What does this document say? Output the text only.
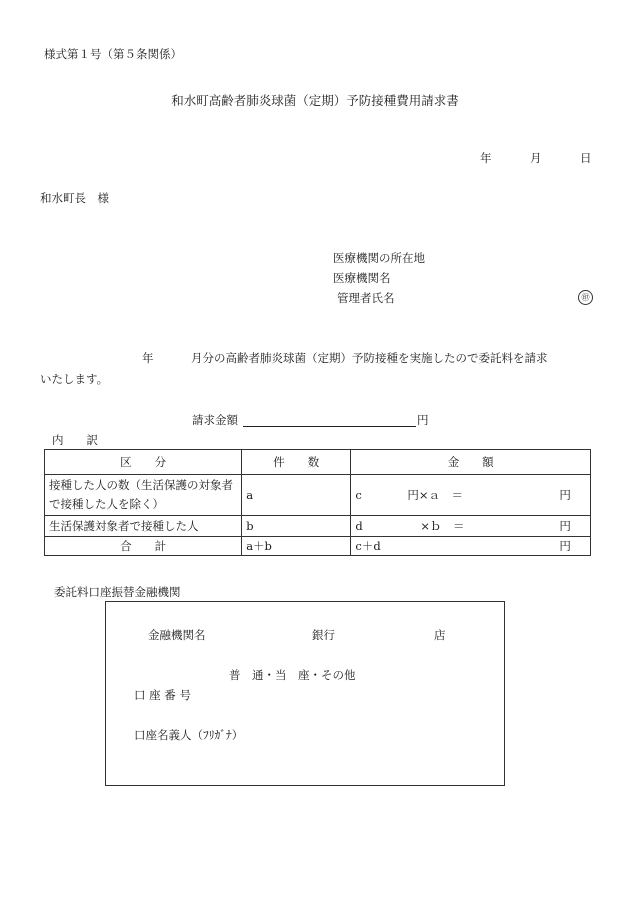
様式第１号（第５条関係）
和水町高齢者肺炎球菌（定期）予防接種費用請求書
年	月	日
和水町長　様
医療機関の所在地
医療機関名
管理者氏名	㊞
年	月分の高齢者肺炎球菌（定期）予防接種を実施したので委託料を請求
いたします。
請求金額	円
内　　訳
区　　分	件　　数	金　　額
接種した人の数（生活保護の対象者で接種した人を除く）	a	c 円×ａ　＝ 円

生活保護対象者で接種した人	b	d ×ｂ　＝ 円

合　　計	a＋b	c＋d 円
委託料口座振替金融機関
金融機関名	銀行	店
普　通・当　座・その他
口 座 番 号
口座名義人（ﾌﾘｶﾞﾅ）
